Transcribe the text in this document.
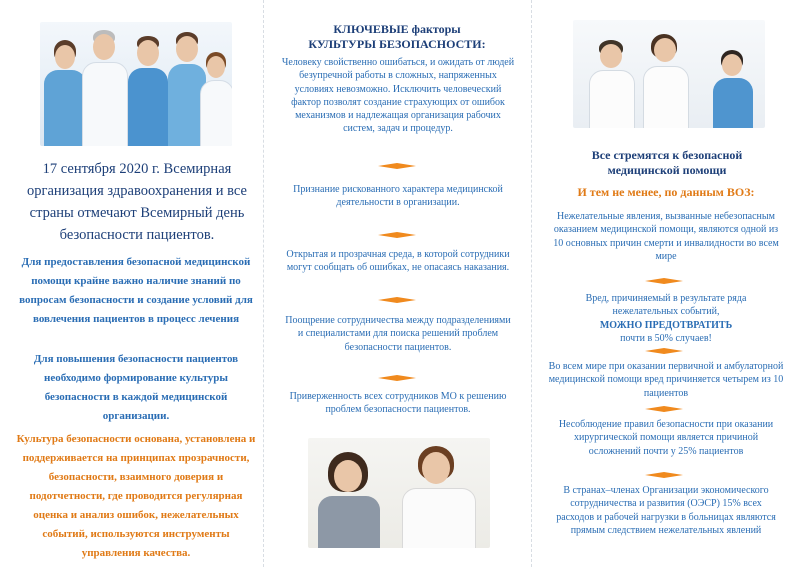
17 сентября 2020 г. Всемирная организация здравоохранения и все страны отмечают Всемирный день безопасности пациентов.

Для предоставления безопасной медицинской помощи крайне важно наличие знаний по вопросам безопасности и создание условий для вовлечения пациентов в процесс лечения

Для повышения безопасности пациентов необходимо формирование культуры безопасности в каждой медицинской организации.

Культура безопасности основана, установлена и поддерживается на принципах прозрачности, безопасности, взаимного доверия и подотчетности, где проводится регулярная оценка и анализ ошибок, нежелательных событий, используются инструменты управления качества.

КЛЮЧЕВЫЕ факторы
КУЛЬТУРЫ БЕЗОПАСНОСТИ:

Человеку свойственно ошибаться, и ожидать от людей безупречной работы в сложных, напряженных условиях невозможно. Исключить человеческий фактор позволят создание страхующих от ошибок механизмов и надлежащая организация рабочих систем, задач и процедур.

Признание рискованного характера медицинской деятельности в организации.

Открытая и прозрачная среда, в которой сотрудники могут сообщать об ошибках, не опасаясь наказания.

Поощрение сотрудничества между подразделениями и специалистами для поиска решений проблем безопасности пациентов.

Приверженность всех сотрудников МО к решению проблем безопасности пациентов.

Все стремятся к безопасной медицинской помощи

И тем не менее, по данным ВОЗ:

Нежелательные явления, вызванные небезопасным оказанием медицинской помощи, являются одной из 10 основных причин смерти и инвалидности во всем мире

Вред, причиняемый в результате ряда нежелательных событий,
МОЖНО ПРЕДОТВРАТИТЬ
почти в 50% случаев!

Во всем мире при оказании первичной и амбулаторной медицинской помощи вред причиняется четырем из 10 пациентов

Несоблюдение правил безопасности при оказании хирургической помощи является причиной осложнений почти у 25% пациентов

В странах–членах Организации экономического сотрудничества и развития (ОЭСР) 15% всех расходов и рабочей нагрузки в больницах являются прямым следствием нежелательных явлений
